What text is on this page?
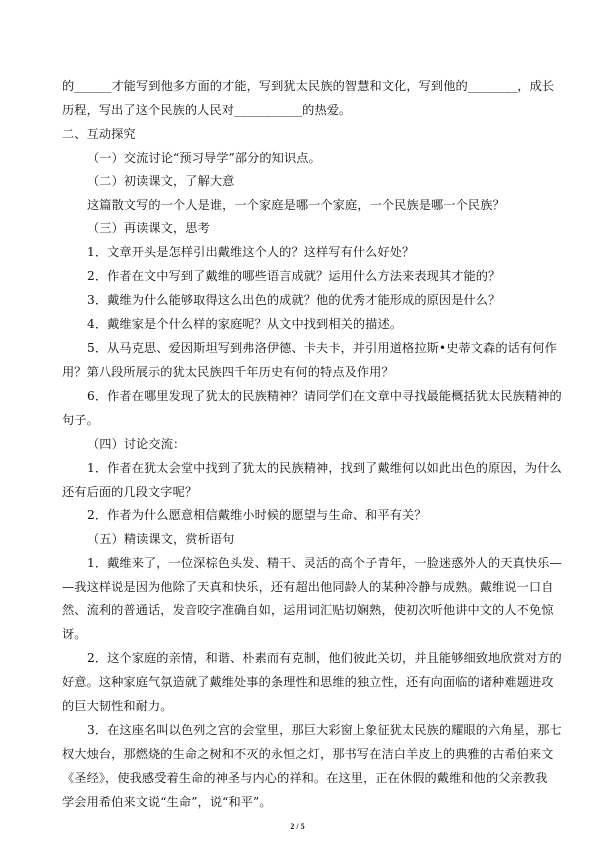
的______才能写到他多方面的才能，写到犹太民族的智慧和文化，写到他的________，成长
历程，写出了这个民族的人民对___________的热爱。
二、互动探究
（一）交流讨论“预习导学”部分的知识点。
（二）初读课文，了解大意
这篇散文写的一个人是谁，一个家庭是哪一个家庭，一个民族是哪一个民族？
（三）再读课文，思考
1．文章开头是怎样引出戴维这个人的？这样写有什么好处？
2．作者在文中写到了戴维的哪些语言成就？运用什么方法来表现其才能的？
3．戴维为什么能够取得这么出色的成就？他的优秀才能形成的原因是什么？
4．戴维家是个什么样的家庭呢？从文中找到相关的描述。
5．从马克思、爱因斯坦写到弗洛伊德、卡夫卡，并引用道格拉斯•史蒂文森的话有何作
用？第八段所展示的犹太民族四千年历史有何的特点及作用？
6．作者在哪里发现了犹太的民族精神？请同学们在文章中寻找最能概括犹太民族精神的
句子。
（四）讨论交流：
1．作者在犹太会堂中找到了犹太的民族精神，找到了戴维何以如此出色的原因，为什么
还有后面的几段文字呢？
2．作者为什么愿意相信戴维小时候的愿望与生命、和平有关？
（五）精读课文，赏析语句
1．戴维来了，一位深棕色头发、精干、灵活的高个子青年，一脸迷惑外人的天真快乐—
—我这样说是因为他除了天真和快乐，还有超出他同龄人的某种冷静与成熟。戴维说一口自
然、流利的普通话，发音咬字准确自如，运用词汇贴切娴熟，使初次听他讲中文的人不免惊
讶。
2．这个家庭的亲情，和谐、朴素而有克制，他们彼此关切，并且能够细致地欣赏对方的
好意。这种家庭气氛造就了戴维处事的条理性和思维的独立性，还有向面临的诸种难题进攻
的巨大韧性和耐力。
3．在这座名叫以色列之宫的会堂里，那巨大彩窗上象征犹太民族的耀眼的六角星，那七
杈大烛台，那燃烧的生命之树和不灭的永恒之灯，那书写在洁白羊皮上的典雅的古希伯来文
《圣经》，使我感受着生命的神圣与内心的祥和。在这里，正在休假的戴维和他的父亲教我
学会用希伯来文说“生命”，说“和平”。
2 / 5
